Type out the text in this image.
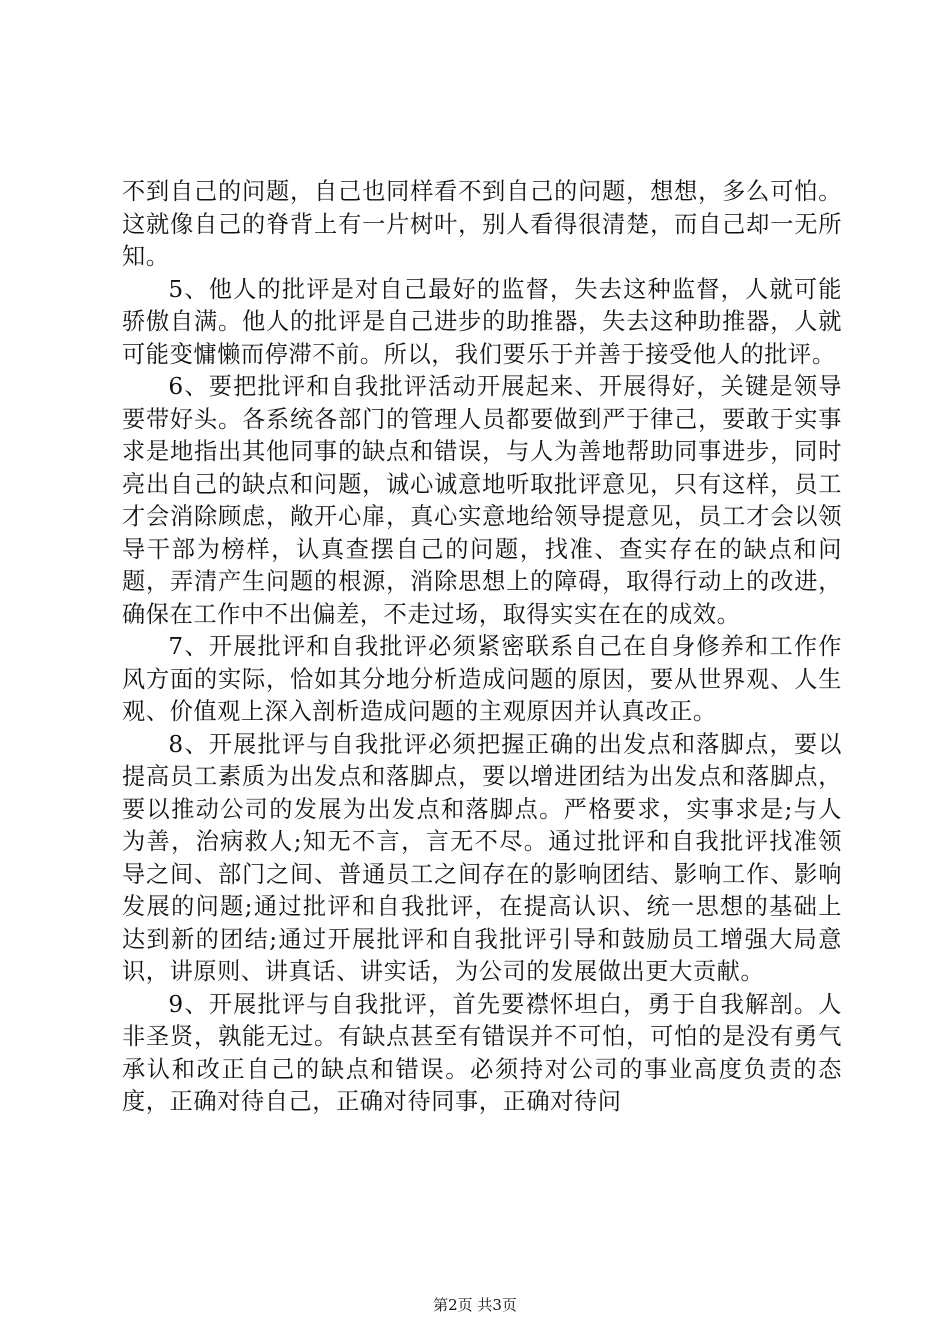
不到自己的问题，自己也同样看不到自己的问题，想想，多么可怕。这就像自己的脊背上有一片树叶，别人看得很清楚，而自己却一无所知。

5、他人的批评是对自己最好的监督，失去这种监督，人就可能骄傲自满。他人的批评是自己进步的助推器，失去这种助推器，人就可能变慵懒而停滞不前。所以，我们要乐于并善于接受他人的批评。

6、要把批评和自我批评活动开展起来、开展得好，关键是领导要带好头。各系统各部门的管理人员都要做到严于律己，要敢于实事求是地指出其他同事的缺点和错误，与人为善地帮助同事进步，同时亮出自己的缺点和问题，诚心诚意地听取批评意见，只有这样，员工才会消除顾虑，敞开心扉，真心实意地给领导提意见，员工才会以领导干部为榜样，认真查摆自己的问题，找准、查实存在的缺点和问题，弄清产生问题的根源，消除思想上的障碍，取得行动上的改进，确保在工作中不出偏差，不走过场，取得实实在在的成效。

7、开展批评和自我批评必须紧密联系自己在自身修养和工作作风方面的实际，恰如其分地分析造成问题的原因，要从世界观、人生观、价值观上深入剖析造成问题的主观原因并认真改正。

8、开展批评与自我批评必须把握正确的出发点和落脚点，要以提高员工素质为出发点和落脚点，要以增进团结为出发点和落脚点，要以推动公司的发展为出发点和落脚点。严格要求，实事求是;与人为善，治病救人;知无不言，言无不尽。通过批评和自我批评找准领导之间、部门之间、普通员工之间存在的影响团结、影响工作、影响发展的问题;通过批评和自我批评，在提高认识、统一思想的基础上达到新的团结;通过开展批评和自我批评引导和鼓励员工增强大局意识，讲原则、讲真话、讲实话，为公司的发展做出更大贡献。

9、开展批评与自我批评，首先要襟怀坦白，勇于自我解剖。人非圣贤，孰能无过。有缺点甚至有错误并不可怕，可怕的是没有勇气承认和改正自己的缺点和错误。必须持对公司的事业高度负责的态度，正确对待自己，正确对待同事，正确对待问

第2页 共3页
